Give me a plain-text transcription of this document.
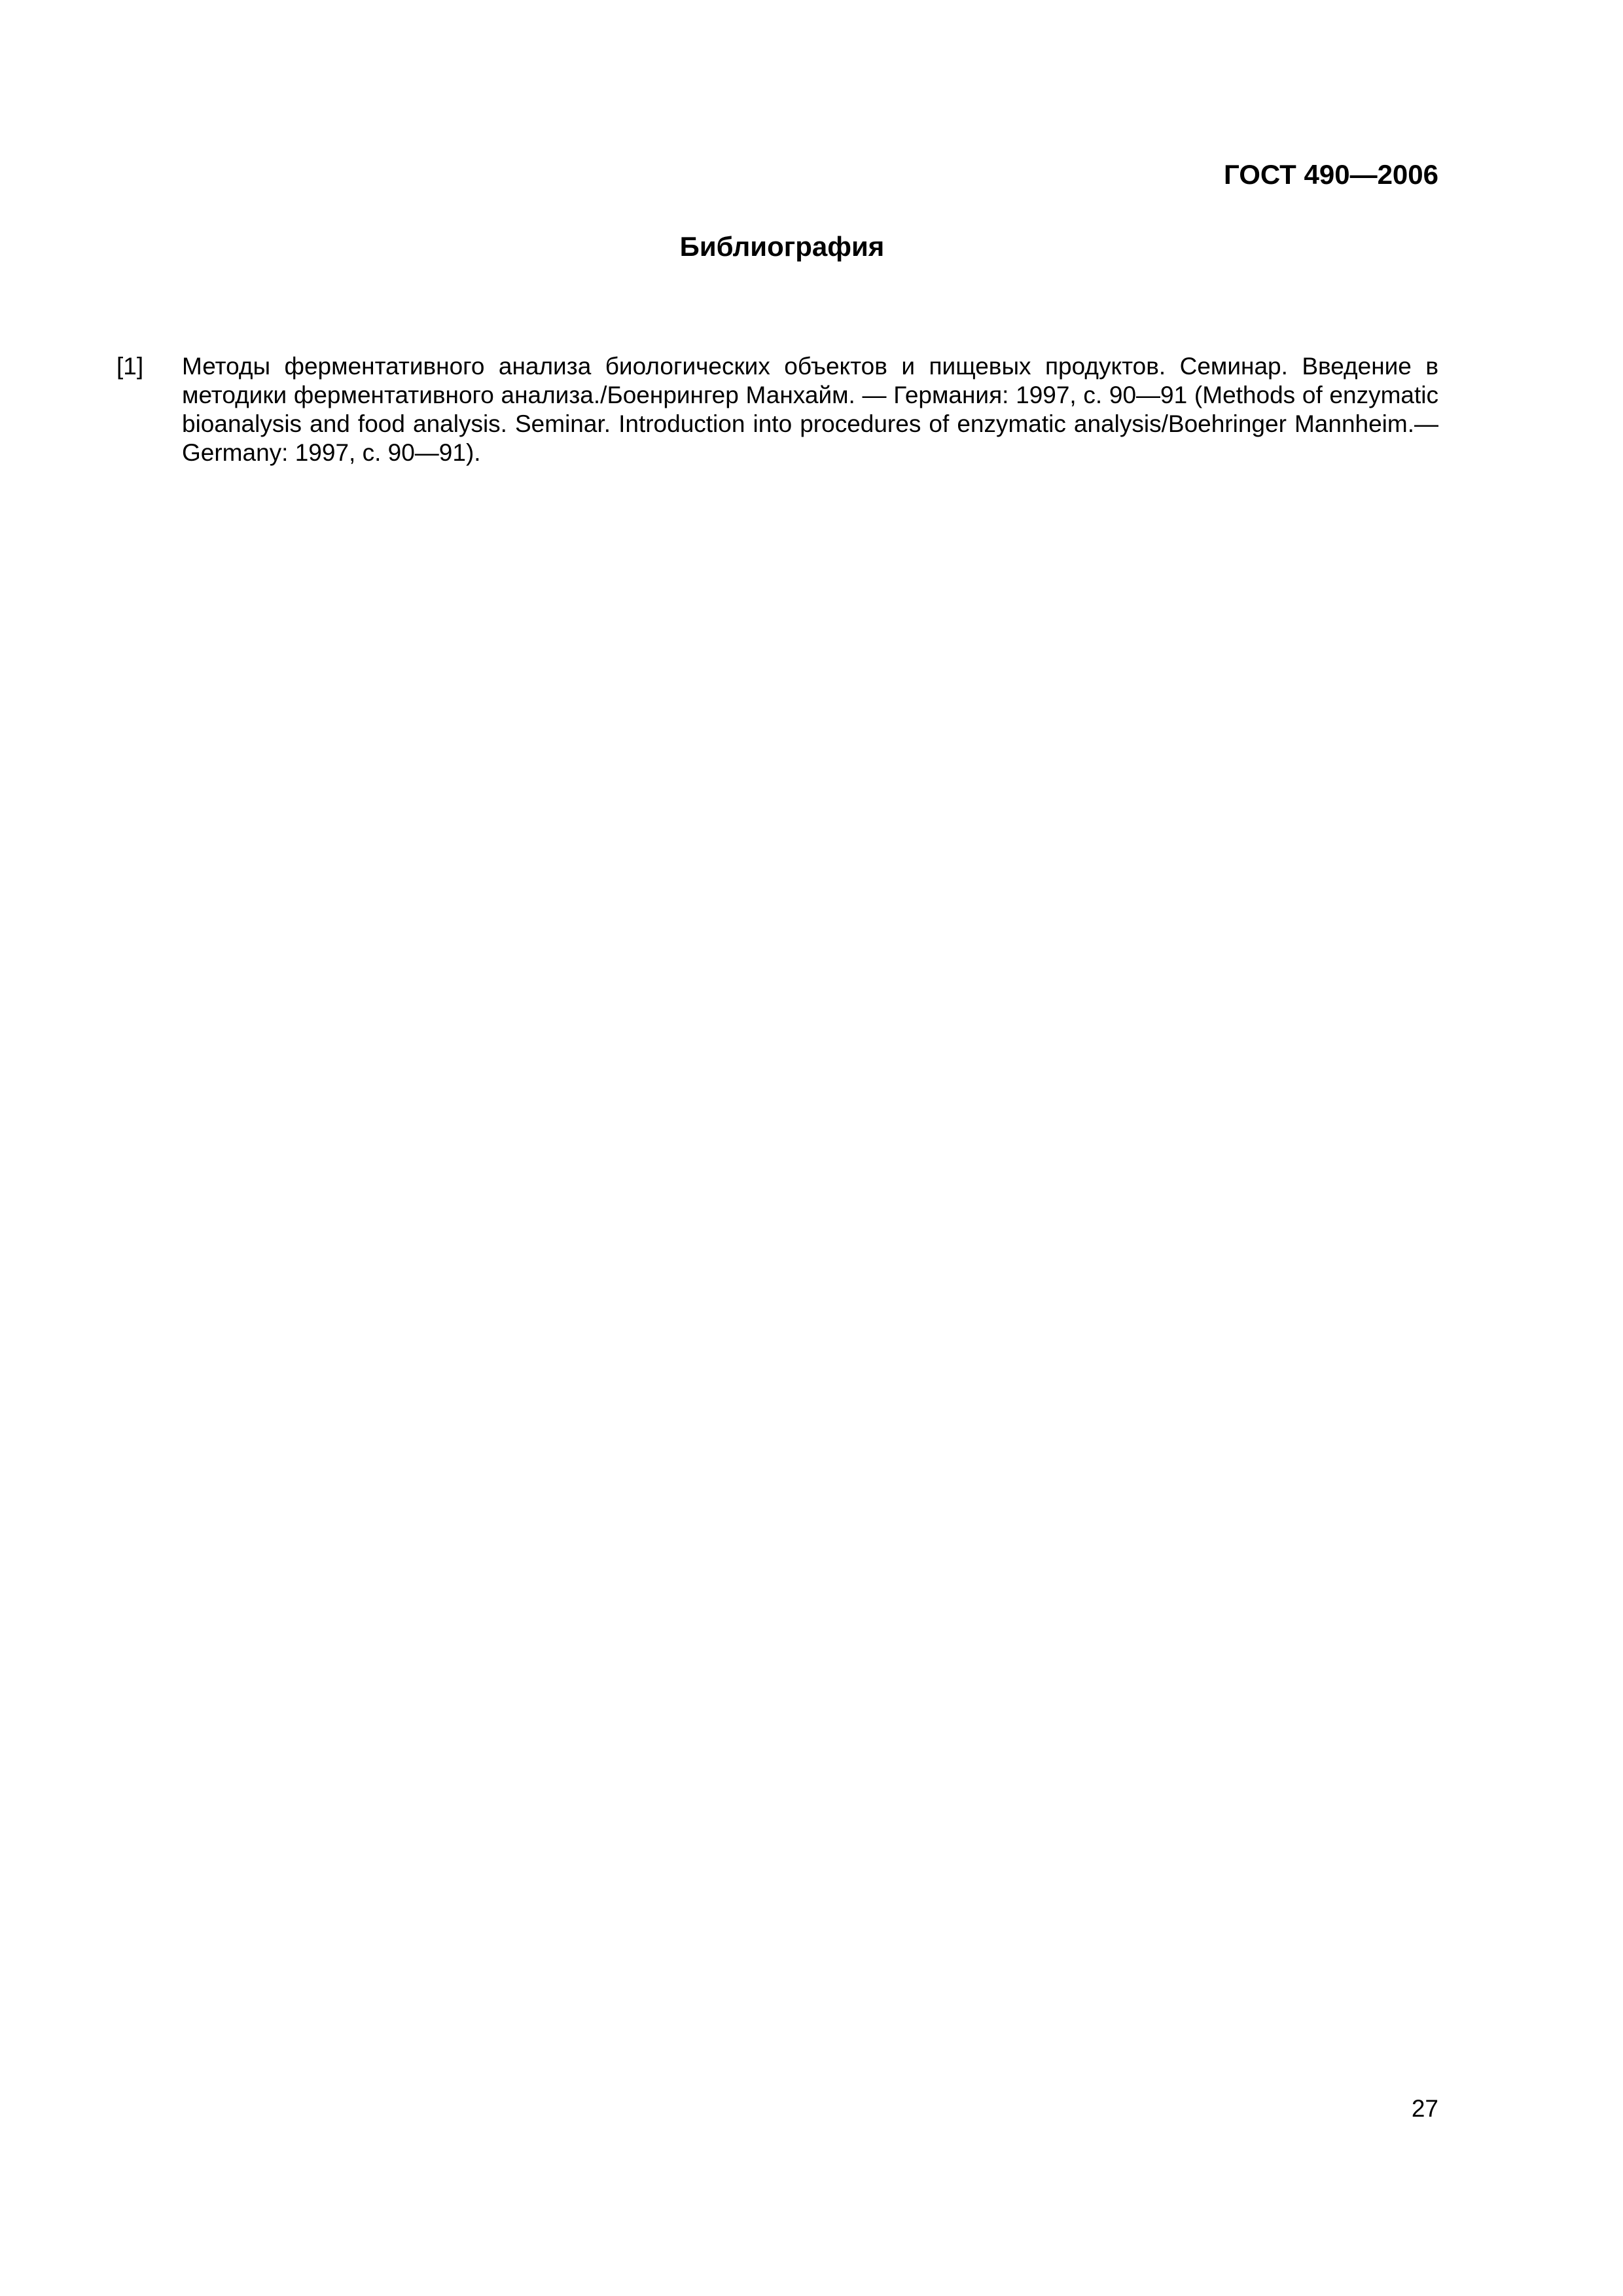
ГОСТ 490—2006
Библиография
[1]	Методы ферментативного анализа биологических объектов и пищевых продуктов. Семинар. Введение в методики ферментативного анализа./Боенрингер Манхайм. — Германия: 1997, с. 90—91 (Methods of enzymatic bioanalysis and food analysis. Seminar. Introduction into procedures of enzymatic analysis/Boehringer Mannheim.— Germany: 1997, с. 90—91).
27
